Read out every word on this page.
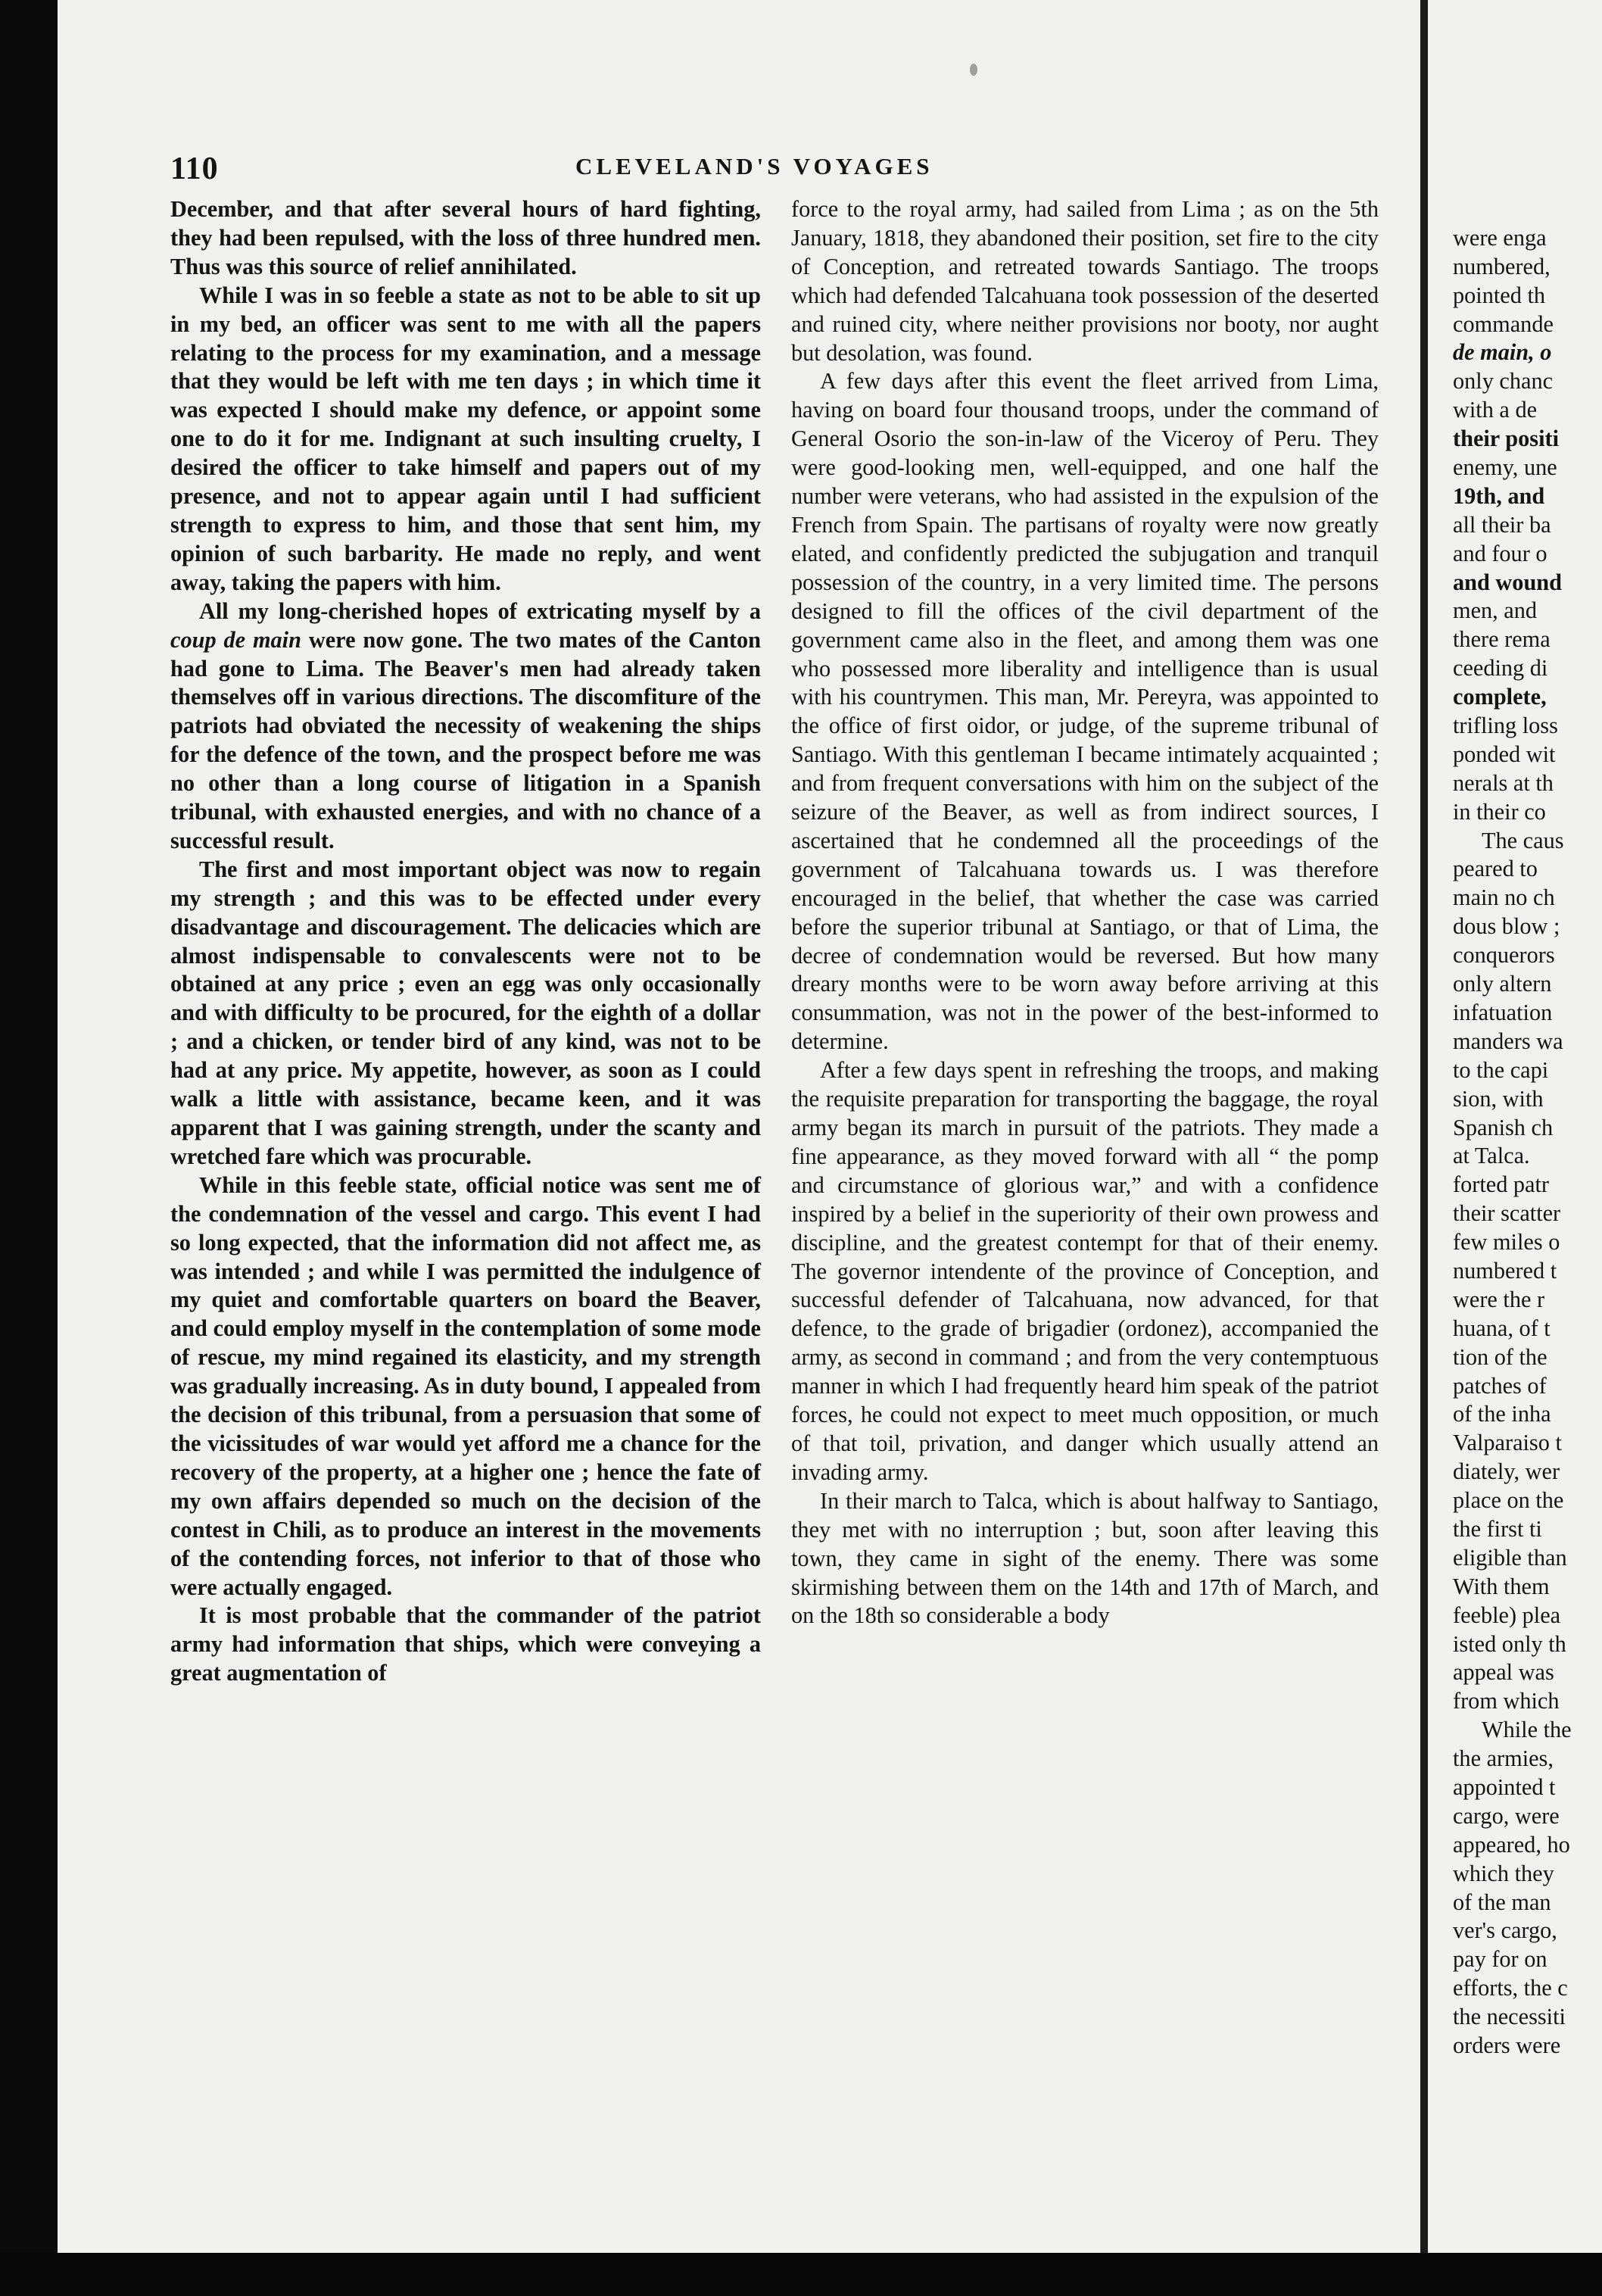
110	CLEVELAND'S VOYAGES

December, and that after several hours of hard fighting, they had been repulsed, with the loss of three hundred men. Thus was this source of relief annihilated.

While I was in so feeble a state as not to be able to sit up in my bed, an officer was sent to me with all the papers relating to the process for my examination, and a message that they would be left with me ten days ; in which time it was expected I should make my defence, or appoint some one to do it for me. Indignant at such insulting cruelty, I desired the officer to take himself and papers out of my presence, and not to appear again until I had sufficient strength to express to him, and those that sent him, my opinion of such barbarity. He made no reply, and went away, taking the papers with him.

All my long-cherished hopes of extricating myself by a coup de main were now gone. The two mates of the Canton had gone to Lima. The Beaver's men had already taken themselves off in various directions. The discomfiture of the patriots had obviated the necessity of weakening the ships for the defence of the town, and the prospect before me was no other than a long course of litigation in a Spanish tribunal, with exhausted energies, and with no chance of a successful result.

The first and most important object was now to regain my strength ; and this was to be effected under every disadvantage and discouragement. The delicacies which are almost indispensable to convalescents were not to be obtained at any price ; even an egg was only occasionally and with difficulty to be procured, for the eighth of a dollar ; and a chicken, or tender bird of any kind, was not to be had at any price. My appetite, however, as soon as I could walk a little with assistance, became keen, and it was apparent that I was gaining strength, under the scanty and wretched fare which was procurable.

While in this feeble state, official notice was sent me of the condemnation of the vessel and cargo. This event I had so long expected, that the information did not affect me, as was intended ; and while I was permitted the indulgence of my quiet and comfortable quarters on board the Beaver, and could employ myself in the contemplation of some mode of rescue, my mind regained its elasticity, and my strength was gradually increasing. As in duty bound, I appealed from the decision of this tribunal, from a persuasion that some of the vicissitudes of war would yet afford me a chance for the recovery of the property, at a higher one ; hence the fate of my own affairs depended so much on the decision of the contest in Chili, as to produce an interest in the movements of the contending forces, not inferior to that of those who were actually engaged.

It is most probable that the commander of the patriot army had information that ships, which were conveying a great augmentation of

force to the royal army, had sailed from Lima ; as on the 5th January, 1818, they abandoned their position, set fire to the city of Conception, and retreated towards Santiago. The troops which had defended Talcahuana took possession of the deserted and ruined city, where neither provisions nor booty, nor aught but desolation, was found.

A few days after this event the fleet arrived from Lima, having on board four thousand troops, under the command of General Osorio the son-in-law of the Viceroy of Peru. They were good-looking men, well-equipped, and one half the number were veterans, who had assisted in the expulsion of the French from Spain. The partisans of royalty were now greatly elated, and confidently predicted the subjugation and tranquil possession of the country, in a very limited time. The persons designed to fill the offices of the civil department of the government came also in the fleet, and among them was one who possessed more liberality and intelligence than is usual with his countrymen. This man, Mr. Pereyra, was appointed to the office of first oidor, or judge, of the supreme tribunal of Santiago. With this gentleman I became intimately acquainted ; and from frequent conversations with him on the subject of the seizure of the Beaver, as well as from indirect sources, I ascertained that he condemned all the proceedings of the government of Talcahuana towards us. I was therefore encouraged in the belief, that whether the case was carried before the superior tribunal at Santiago, or that of Lima, the decree of condemnation would be reversed. But how many dreary months were to be worn away before arriving at this consummation, was not in the power of the best-informed to determine.

After a few days spent in refreshing the troops, and making the requisite preparation for transporting the baggage, the royal army began its march in pursuit of the patriots. They made a fine appearance, as they moved forward with all “ the pomp and circumstance of glorious war,” and with a confidence inspired by a belief in the superiority of their own prowess and discipline, and the greatest contempt for that of their enemy. The governor intendente of the province of Conception, and successful defender of Talcahuana, now advanced, for that defence, to the grade of brigadier (ordonez), accompanied the army, as second in command ; and from the very contemptuous manner in which I had frequently heard him speak of the patriot forces, he could not expect to meet much opposition, or much of that toil, privation, and danger which usually attend an invading army.

In their march to Talca, which is about halfway to Santiago, they met with no interruption ; but, soon after leaving this town, they came in sight of the enemy. There was some skirmishing between them on the 14th and 17th of March, and on the 18th so considerable a body

were enga
numbered,
pointed th
commande
de main, o
only chanc
with a de
their positi
enemy, une
19th, and
all their ba
and four o
and wound
men, and
there rema
ceeding di
complete,
trifling loss
ponded wit
nerals at th
in their co
The caus
peared to
main no ch
dous blow ;
conquerors
only altern
infatuation
manders wa
to the capi
sion, with
Spanish ch
at Talca.
forted patr
their scatter
few miles o
numbered t
were the r
huana, of t
tion of the
patches of
of the inha
Valparaiso t
diately, wer
place on the
the first ti
eligible than
With them
feeble) plea
isted only th
appeal was
from which
While the
the armies,
appointed t
cargo, were
appeared, ho
which they
of the man
ver's cargo,
pay for on
efforts, the c
the necessiti
orders were
